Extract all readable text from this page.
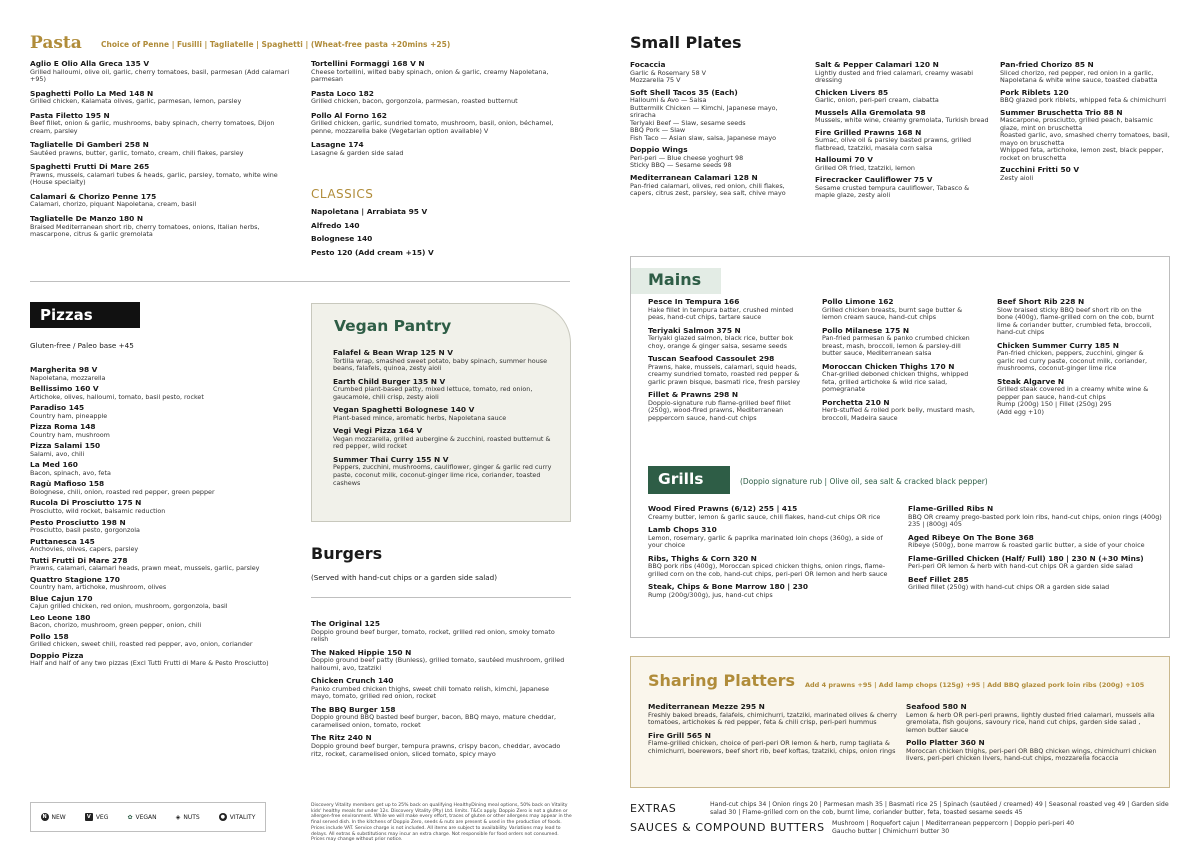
Pasta	Choice of Penne | Fusilli | Tagliatelle | Spaghetti | (Wheat-free pasta +20mins +25)
Aglio E Olio Alla Greca 135 V
Grilled halloumi, olive oil, garlic, cherry tomatoes, basil, parmesan (Add calamari +95)
Spaghetti Pollo La Med 148 N
Grilled chicken, Kalamata olives, garlic, parmesan, lemon, parsley
Pasta Filetto 195 N
Beef fillet, onion & garlic, mushrooms, baby spinach, cherry tomatoes, Dijon cream, parsley
Tagliatelle Di Gamberi 258 N
Sautéed prawns, butter, garlic, tomato, cream, chili flakes, parsley
Spaghetti Frutti Di Mare 265
Prawns, mussels, calamari tubes & heads, garlic, parsley, tomato, white wine (House specialty)
Calamari & Chorizo Penne 175
Calamari, chorizo, piquant Napoletana, cream, basil
Tagliatelle De Manzo 180 N
Braised Mediterranean short rib, cherry tomatoes, onions, Italian herbs, mascarpone, citrus & garlic gremolata
Tortellini Formaggi 168 V N
Cheese tortellini, wilted baby spinach, onion & garlic, creamy Napoletana, parmesan
Pasta Loco 182
Grilled chicken, bacon, gorgonzola, parmesan, roasted butternut
Pollo Al Forno 162
Grilled chicken, garlic, sundried tomato, mushroom, basil, onion, béchamel, penne, mozzarella bake (Vegetarian option available) V
Lasagne 174
Lasagne & garden side salad
CLASSICS
Napoletana | Arrabiata 95 V
Alfredo 140
Bolognese 140
Pesto 120 (Add cream +15) V
Small Plates
Focaccia
Garlic & Rosemary 58 V
Mozzarella 75 V
Soft Shell Tacos 35 (Each)
Halloumi & Avo — Salsa
Buttermilk Chicken — Kimchi, Japanese mayo, sriracha
Teriyaki Beef — Slaw, sesame seeds
BBQ Pork — Slaw
Fish Taco — Asian slaw, salsa, Japanese mayo
Doppio Wings
Peri-peri — Blue cheese yoghurt 98
Sticky BBQ — Sesame seeds 98
Mediterranean Calamari 128 N
Pan-fried calamari, olives, red onion, chili flakes, capers, citrus zest, parsley, sea salt, chive mayo
Salt & Pepper Calamari 120 N
Lightly dusted and fried calamari, creamy wasabi dressing
Chicken Livers 85
Garlic, onion, peri-peri cream, ciabatta
Mussels Alla Gremolata 98
Mussels, white wine, creamy gremolata, Turkish bread
Fire Grilled Prawns 168 N
Sumac, olive oil & parsley basted prawns, grilled flatbread, tzatziki, masala corn salsa
Halloumi 70 V
Grilled OR fried, tzatziki, lemon
Firecracker Cauliflower 75 V
Sesame crusted tempura cauliflower, Tabasco & maple glaze, zesty aioli
Pan-fried Chorizo 85 N
Sliced chorizo, red pepper, red onion in a garlic, Napoletana & white wine sauce, toasted ciabatta
Pork Riblets 120
BBQ glazed pork riblets, whipped feta & chimichurri
Summer Bruschetta Trio 88 N
Mascarpone, prosciutto, grilled peach, balsamic glaze, mint on bruschetta
Roasted garlic, avo, smashed cherry tomatoes, basil, mayo on bruschetta
Whipped feta, artichoke, lemon zest, black pepper, rocket on bruschetta
Zucchini Fritti 50 V
Zesty aioli
Pizzas
Gluten-free / Paleo base +45
Margherita 98 V
Napoletana, mozzarella
Bellissimo 160 V
Artichoke, olives, halloumi, tomato, basil pesto, rocket
Paradiso 145
Country ham, pineapple
Pizza Roma 148
Country ham, mushroom
Pizza Salami 150
Salami, avo, chili
La Med 160
Bacon, spinach, avo, feta
Ragù Mafioso 158
Bolognese, chili, onion, roasted red pepper, green pepper
Rucola Di Prosciutto 175 N
Prosciutto, wild rocket, balsamic reduction
Pesto Prosciutto 198 N
Prosciutto, basil pesto, gorgonzola
Puttanesca 145
Anchovies, olives, capers, parsley
Tutti Frutti Di Mare 278
Prawns, calamari, calamari heads, prawn meat, mussels, garlic, parsley
Quattro Stagione 170
Country ham, artichoke, mushroom, olives
Blue Cajun 170
Cajun grilled chicken, red onion, mushroom, gorgonzola, basil
Leo Leone 180
Bacon, chorizo, mushroom, green pepper, onion, chili
Pollo 158
Grilled chicken, sweet chili, roasted red pepper, avo, onion, coriander
Doppio Pizza
Half and half of any two pizzas (Excl Tutti Frutti di Mare & Pesto Prosciutto)
Vegan Pantry
Falafel & Bean Wrap 125 N V
Tortilla wrap, smashed sweet potato, baby spinach, summer house beans, falafels, quinoa, zesty aioli
Earth Child Burger 135 N V
Crumbed plant-based patty, mixed lettuce, tomato, red onion, gaucamole, chili crisp, zesty aioli
Vegan Spaghetti Bolognese 140 V
Plant-based mince, aromatic herbs, Napoletana sauce
Vegi Vegi Pizza 164 V
Vegan mozzarella, grilled aubergine & zucchini, roasted butternut & red pepper, wild rocket
Summer Thai Curry 155 N V
Peppers, zucchini, mushrooms, cauliflower, ginger & garlic red curry paste, coconut milk, coconut-ginger lime rice, coriander, toasted cashews
Burgers
(Served with hand-cut chips or a garden side salad)
The Original 125
Doppio ground beef burger, tomato, rocket, grilled red onion, smoky tomato relish
The Naked Hippie 150 N
Doppio ground beef patty (Bunless), grilled tomato, sautéed mushroom, grilled halloumi, avo, tzatziki
Chicken Crunch 140
Panko crumbed chicken thighs, sweet chili tomato relish, kimchi, Japanese mayo, tomato, grilled red onion, rocket
The BBQ Burger 158
Doppio ground BBQ basted beef burger, bacon, BBQ mayo, mature cheddar, caramelised onion, tomato, rocket
The Ritz 240 N
Doppio ground beef burger, tempura prawns, crispy bacon, cheddar, avocado ritz, rocket, caramelised onion, sliced tomato, spicy mayo
Mains
Pesce In Tempura 166
Hake fillet in tempura batter, crushed minted peas, hand-cut chips, tartare sauce
Teriyaki Salmon 375 N
Teriyaki glazed salmon, black rice, butter bok choy, orange & ginger salsa, sesame seeds
Tuscan Seafood Cassoulet 298
Prawns, hake, mussels, calamari, squid heads, creamy sundried tomato, roasted red pepper & garlic prawn bisque, basmati rice, fresh parsley
Fillet & Prawns 298 N
Doppio-signature rub flame-grilled beef fillet (250g), wood-fired prawns, Mediterranean peppercorn sauce, hand-cut chips
Pollo Limone 162
Grilled chicken breasts, burnt sage butter & lemon cream sauce, hand-cut chips
Pollo Milanese 175 N
Pan-fried parmesan & panko crumbed chicken breast, mash, broccoli, lemon & parsley-dill butter sauce, Mediterranean salsa
Moroccan Chicken Thighs 170 N
Char-grilled deboned chicken thighs, whipped feta, grilled artichoke & wild rice salad, pomegranate
Porchetta 210 N
Herb-stuffed & rolled pork belly, mustard mash, broccoli, Madeira sauce
Beef Short Rib 228 N
Slow braised sticky BBQ beef short rib on the bone (400g), flame-grilled corn on the cob, burnt lime & coriander butter, crumbled feta, broccoli, hand-cut chips
Chicken Summer Curry 185 N
Pan-fried chicken, peppers, zucchini, ginger & garlic red curry paste, coconut milk, coriander, mushrooms, coconut-ginger lime rice
Steak Algarve N
Grilled steak covered in a creamy white wine & pepper pan sauce, hand-cut chips
Rump (200g) 150 | Fillet (250g) 295
(Add egg +10)
Grills	(Doppio signature rub | Olive oil, sea salt & cracked black pepper)
Wood Fired Prawns (6/12) 255 | 415
Creamy butter, lemon & garlic sauce, chili flakes, hand-cut chips OR rice
Lamb Chops 310
Lemon, rosemary, garlic & paprika marinated loin chops (360g), a side of your choice
Ribs, Thighs & Corn 320 N
BBQ pork ribs (400g), Moroccan spiced chicken thighs, onion rings, flame-grilled corn on the cob, hand-cut chips, peri-peri OR lemon and herb sauce
Steak, Chips & Bone Marrow 180 | 230
Rump (200g/300g), jus, hand-cut chips
Flame-Grilled Ribs N
BBQ OR creamy prego-basted pork loin ribs, hand-cut chips, onion rings (400g) 235 | (800g) 405
Aged Ribeye On The Bone 368
Ribeye (500g), bone marrow & roasted garlic butter, a side of your choice
Flame-Grilled Chicken (Half/ Full) 180 | 230 N (+30 Mins)
Peri-peri OR lemon & herb with hand-cut chips OR a garden side salad
Beef Fillet 285
Grilled fillet (250g) with hand-cut chips OR a garden side salad
Sharing Platters Add 4 prawns +95 | Add lamp chops (125g) +95 | Add BBQ glazed pork loin ribs (200g) +105
Mediterranean Mezze 295 N
Freshly baked breads, falafels, chimichurri, tzatziki, marinated olives & cherry tomatoes, artichokes & red pepper, feta & chili crisp, peri-peri hummus
Fire Grill 565 N
Flame-grilled chicken, choice of peri-peri OR lemon & herb, rump tagliata & chimichurri, boerewors, beef short rib, beef koftas, tzatziki, chips, onion rings
Seafood 580 N
Lemon & herb OR peri-peri prawns, lightly dusted fried calamari, mussels alla gremolata, fish goujons, savoury rice, hand cut chips, garden side salad , lemon butter sauce
Pollo Platter 360 N
Moroccan chicken thighs, peri-peri OR BBQ chicken wings, chimichurri chicken livers, peri-peri chicken livers, hand-cut chips, mozzarella focaccia
EXTRAS	Hand-cut chips 34 | Onion rings 20 | Parmesan mash 35 | Basmati rice 25 | Spinach (sautéed / creamed) 49 | Seasonal roasted veg 49 | Garden side salad 30 | Flame-grilled corn on the cob, burnt lime, coriander butter, feta, toasted sesame seeds 45
SAUCES & COMPOUND BUTTERS Mushroom | Roquefort cajun | Mediterranean peppercorn | Doppio peri-peri 40
Gaucho butter | Chimichurri butter 30
N NEW	V VEG	✿ VEGAN	◈ NUTS	● VITALITY
Discovery Vitality members get up to 25% back on qualifying HealthyDining meal options, 50% back on Vitality kids' healthy meals for under 12s. Discovery Vitality (Pty) Ltd. limits. T&Cs apply. Doppio Zero is not a gluten or allergen-free environment. While we will make every effort, traces of gluten or other allergens may appear in the final served dish. In the kitchens of Doppio Zero, seeds & nuts are present & used in the production of foods. Prices include VAT. Service charge is not included. All items are subject to availability. Variations may lead to delays. All extras & substitutions may incur an extra charge. Not responsible for food orders not consumed. Prices may change without prior notice.
